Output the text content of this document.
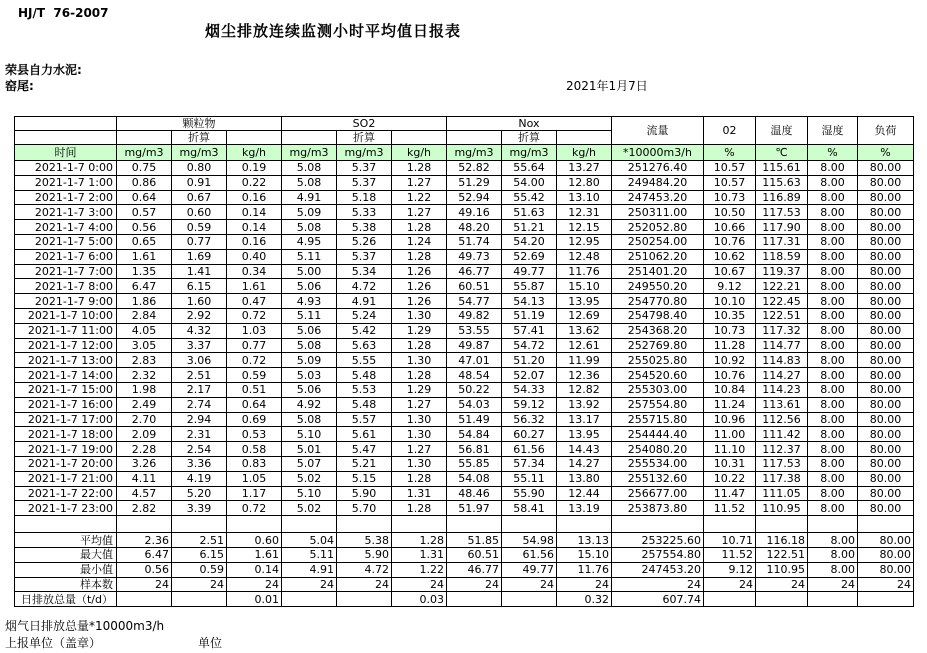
HJ/T  76-2007
烟尘排放连续监测小时平均值日报表
荣县自力水泥:
窑尾:	2021年1月7日
	颗粒物			SO2			Nox			流量	02	温度	湿度	负荷
		折算			折算			折算						
时间	mg/m3	mg/m3	kg/h	mg/m3	mg/m3	kg/h	mg/m3	mg/m3	kg/h	*10000m3/h	%	℃	%	%
2021-1-7 0:00	0.75	0.80	0.19	5.08	5.37	1.28	52.82	55.64	13.27	251276.40	10.57	115.61	8.00	80.00
2021-1-7 1:00	0.86	0.91	0.22	5.08	5.37	1.27	51.29	54.00	12.80	249484.20	10.57	115.63	8.00	80.00
2021-1-7 2:00	0.64	0.67	0.16	4.91	5.18	1.22	52.94	55.42	13.10	247453.20	10.73	116.89	8.00	80.00
2021-1-7 3:00	0.57	0.60	0.14	5.09	5.33	1.27	49.16	51.63	12.31	250311.00	10.50	117.53	8.00	80.00
2021-1-7 4:00	0.56	0.59	0.14	5.08	5.38	1.28	48.20	51.21	12.15	252052.80	10.66	117.90	8.00	80.00
2021-1-7 5:00	0.65	0.77	0.16	4.95	5.26	1.24	51.74	54.20	12.95	250254.00	10.76	117.31	8.00	80.00
2021-1-7 6:00	1.61	1.69	0.40	5.11	5.37	1.28	49.73	52.69	12.48	251062.20	10.62	118.59	8.00	80.00
2021-1-7 7:00	1.35	1.41	0.34	5.00	5.34	1.26	46.77	49.77	11.76	251401.20	10.67	119.37	8.00	80.00
2021-1-7 8:00	6.47	6.15	1.61	5.06	4.72	1.26	60.51	55.87	15.10	249550.20	9.12	122.21	8.00	80.00
2021-1-7 9:00	1.86	1.60	0.47	4.93	4.91	1.26	54.77	54.13	13.95	254770.80	10.10	122.45	8.00	80.00
2021-1-7 10:00	2.84	2.92	0.72	5.11	5.24	1.30	49.82	51.19	12.69	254798.40	10.35	122.51	8.00	80.00
2021-1-7 11:00	4.05	4.32	1.03	5.06	5.42	1.29	53.55	57.41	13.62	254368.20	10.73	117.32	8.00	80.00
2021-1-7 12:00	3.05	3.37	0.77	5.08	5.63	1.28	49.87	54.72	12.61	252769.80	11.28	114.77	8.00	80.00
2021-1-7 13:00	2.83	3.06	0.72	5.09	5.55	1.30	47.01	51.20	11.99	255025.80	10.92	114.83	8.00	80.00
2021-1-7 14:00	2.32	2.51	0.59	5.03	5.48	1.28	48.54	52.07	12.36	254520.60	10.76	114.27	8.00	80.00
2021-1-7 15:00	1.98	2.17	0.51	5.06	5.53	1.29	50.22	54.33	12.82	255303.00	10.84	114.23	8.00	80.00
2021-1-7 16:00	2.49	2.74	0.64	4.92	5.48	1.27	54.03	59.12	13.92	257554.80	11.24	113.61	8.00	80.00
2021-1-7 17:00	2.70	2.94	0.69	5.08	5.57	1.30	51.49	56.32	13.17	255715.80	10.96	112.56	8.00	80.00
2021-1-7 18:00	2.09	2.31	0.53	5.10	5.61	1.30	54.84	60.27	13.95	254444.40	11.00	111.42	8.00	80.00
2021-1-7 19:00	2.28	2.54	0.58	5.01	5.47	1.27	56.81	61.56	14.43	254080.20	11.10	112.37	8.00	80.00
2021-1-7 20:00	3.26	3.36	0.83	5.07	5.21	1.30	55.85	57.34	14.27	255534.00	10.31	117.53	8.00	80.00
2021-1-7 21:00	4.11	4.19	1.05	5.02	5.15	1.28	54.08	55.11	13.80	255132.60	10.22	117.38	8.00	80.00
2021-1-7 22:00	4.57	5.20	1.17	5.10	5.90	1.31	48.46	55.90	12.44	256677.00	11.47	111.05	8.00	80.00
2021-1-7 23:00	2.82	3.39	0.72	5.02	5.70	1.28	51.97	58.41	13.19	253873.80	11.52	110.95	8.00	80.00

平均值	2.36	2.51	0.60	5.04	5.38	1.28	51.85	54.98	13.13	253225.60	10.71	116.18	8.00	80.00
最大值	6.47	6.15	1.61	5.11	5.90	1.31	60.51	61.56	15.10	257554.80	11.52	122.51	8.00	80.00
最小值	0.56	0.59	0.14	4.91	4.72	1.22	46.77	49.77	11.76	247453.20	9.12	110.95	8.00	80.00
样本数	24	24	24	24	24	24	24	24	24	24	24	24	24	24
日排放总量（t/d）			0.01			0.03			0.32	607.74				
烟气日排放总量*10000m3/h
上报单位（盖章）	单位
